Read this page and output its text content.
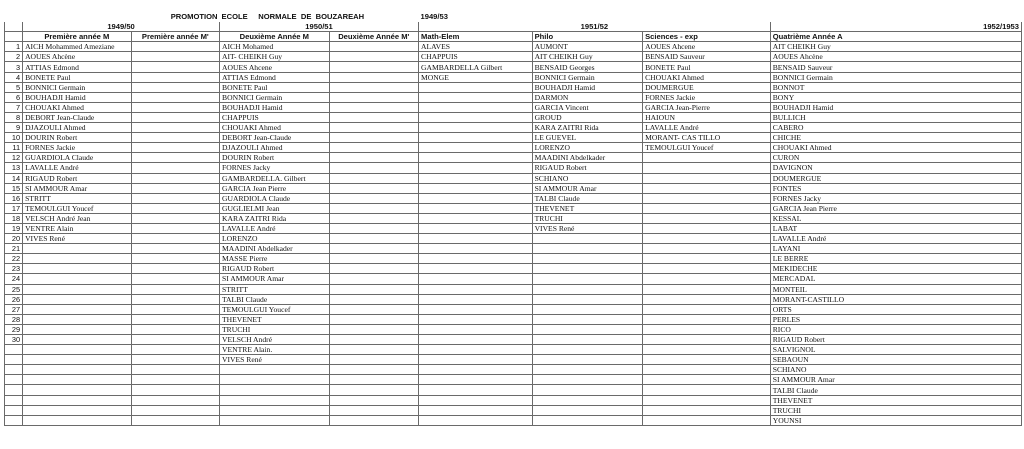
		PROMOTION	ECOLE     NORMALE  DE  BOUZAREAH		1949/53			
	1949/50		1950/51		1951/52			1952/1953
	Première année M	Première année M'	Deuxième Année M	Deuxième Année M'	Math-Elem	Philo	Sciences - exp	Quatrième Année A
1	AICH Mohammed Ameziane		AICH Mohamed		ALAVES	AUMONT	AOUES Ahcene	AIT CHEIKH Guy
2	AOUES Ahcène		AIT- CHEIKH Guy		CHAPPUIS	AIT CHEIKH Guy	BENSAID Sauveur	AOUES Ahcène
3	ATTIAS Edmond		AOUES Ahcene		GAMBARDELLA Gilbert	BENSAID Georges	BONETE Paul	BENSAID Sauveur
4	BONETE Paul		ATTIAS Edmond		MONGE	BONNICI Germain	CHOUAKI Ahmed	BONNICI Germain
5	BONNICI Germain		BONETE Paul			BOUHADJI Hamid	DOUMERGUE	BONNOT
6	BOUHADJI Hamid		BONNICI Germain			DARMON	FORNES Jackie	BONY
7	CHOUAKI Ahmed		BOUHADJI Hamid			GARCIA Vincent	GARCIA Jean-Pierre	BOUHADJI Hamid
8	DEBORT Jean-Claude		CHAPPUIS			GROUD	HAIOUN	BULLICH
9	DJAZOULI Ahmed		CHOUAKI Ahmed			KARA ZAITRI Rida	LAVALLE André	CABERO
10	DOURIN Robert		DEBORT Jean-Claude			LE GUEVEL	MORANT- CAS TILLO	CHICHE
11	FORNES Jackie		DJAZOULI Ahmed			LORENZO	TEMOULGUI Youcef	CHOUAKI Ahmed
12	GUARDIOLA Claude		DOURIN Robert			MAADINI Abdelkader		CURON
13	LAVALLE André		FORNES Jacky			RIGAUD Robert		DAVIGNON
14	RIGAUD Robert		GAMBARDELLA. Gilbert			SCHIANO		DOUMERGUE
15	SI AMMOUR Amar		GARCIA Jean Pierre			SI AMMOUR Amar		FONTES
16	STRITT		GUARDIOLA Claude			TALBI Claude		FORNES Jacky
17	TEMOULGUI Youcef		GUGLIELMI Jean			THEVENET		GARCIA Jean Pierre
18	VELSCH André Jean		KARA ZAITRI Rida			TRUCHI		KESSAL
19	VENTRE Alain		LAVALLE André			VIVES René		LABAT
20	VIVES René		LORENZO					LAVALLE André
21			MAADINI Abdelkader					LAYANI
22			MASSE Pierre					LE BERRE
23			RIGAUD Robert					MEKIDECHE
24			SI AMMOUR Amar					MERCADAL
25			STRITT					MONTEIL
26			TALBI Claude					MORANT-CASTILLO
27			TEMOULGUI Youcef					ORTS
28			THEVENET					PERLES
29			TRUCHI					RICO
30			VELSCH André					RIGAUD Robert
			VENTRE Alain.					SALVIGNOL
			VIVES René					SEBAOUN
								SCHIANO
								SI AMMOUR Amar
								TALBI Claude
								THEVENET
								TRUCHI
								YOUNSI
